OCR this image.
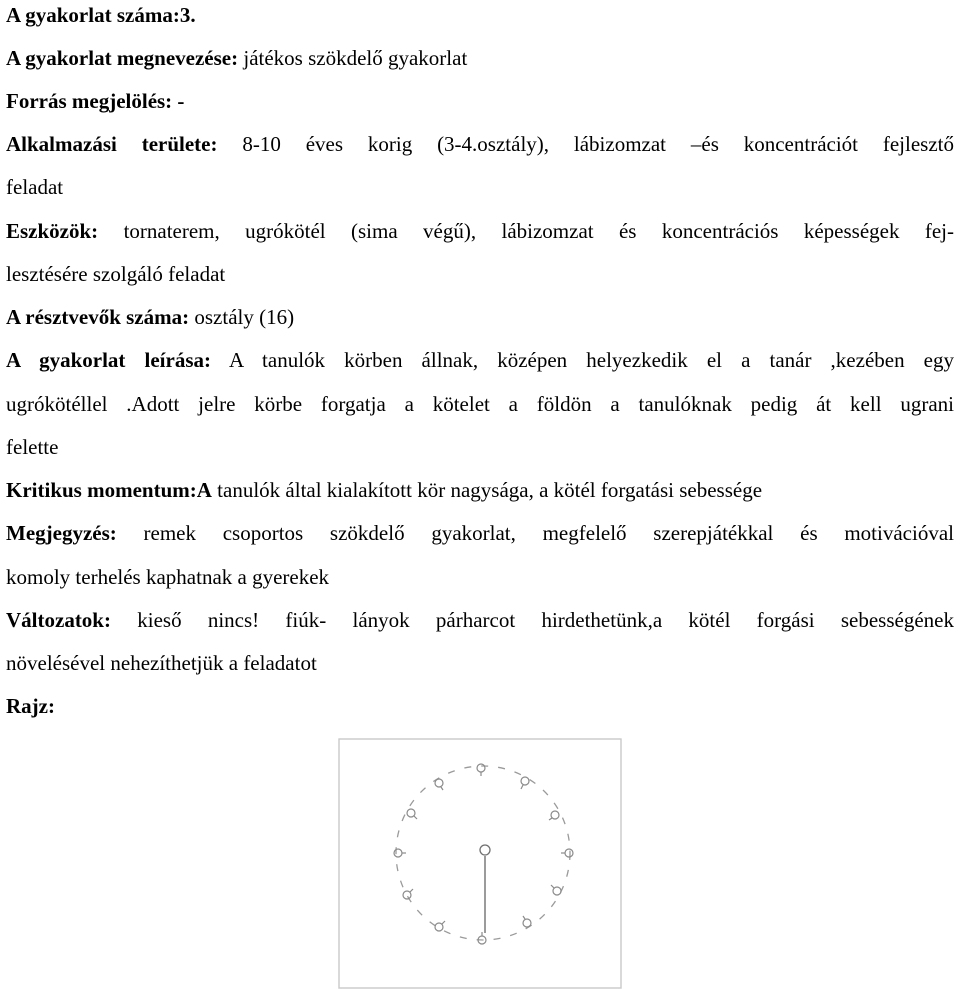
A gyakorlat száma:3.
A gyakorlat megnevezése: játékos szökdelő gyakorlat
Forrás megjelölés: -
Alkalmazási területe: 8-10 éves korig (3-4.osztály), lábizomzat –és koncentrációt fejlesztő
feladat
Eszközök: tornaterem, ugrókötél (sima végű), lábizomzat és koncentrációs képességek fej-
lesztésére szolgáló feladat
A résztvevők száma: osztály (16)
A gyakorlat leírása: A tanulók körben állnak, középen helyezkedik el a tanár ,kezében egy
ugrókötéllel .Adott jelre körbe forgatja a kötelet a földön a tanulóknak pedig át kell ugrani
felette
Kritikus momentum:A tanulók által kialakított kör nagysága, a kötél forgatási sebessége
Megjegyzés: remek csoportos szökdelő gyakorlat, megfelelő szerepjátékkal és motivációval
komoly terhelés kaphatnak a gyerekek
Változatok: kieső nincs! fiúk- lányok párharcot hirdethetünk,a kötél forgási sebességének
növelésével nehezíthetjük a feladatot
Rajz:
